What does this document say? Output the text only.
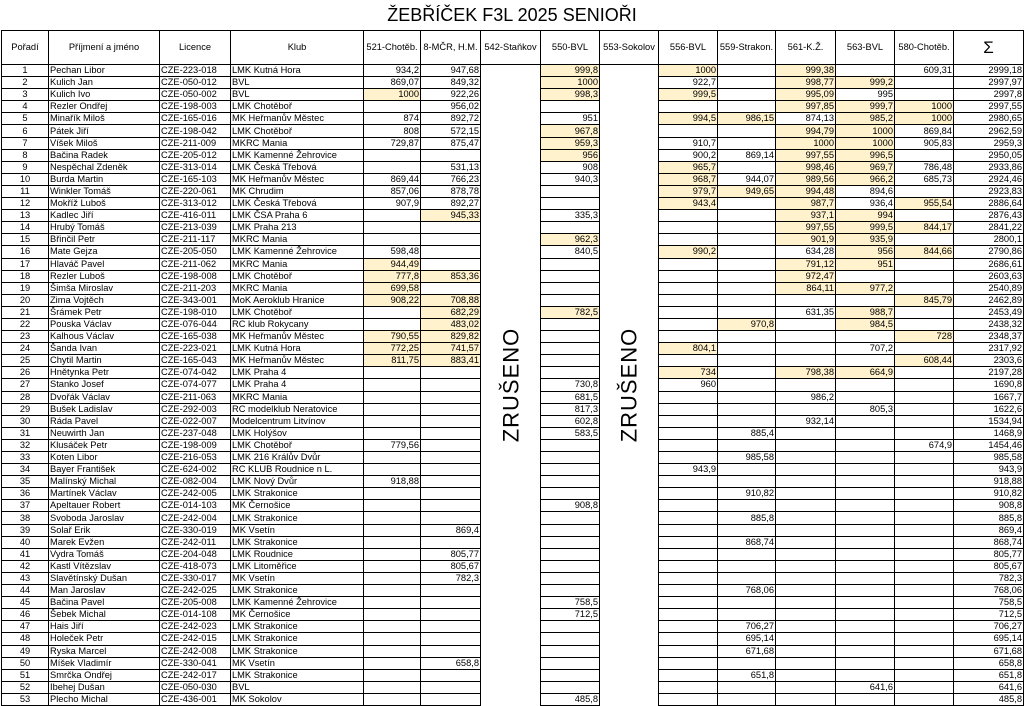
ŽEBŘÍČEK F3L 2025 SENIOŘI
Pořadí	Příjmení a jméno	Licence	Klub	521-Chotěb.	8-MČR, H.M.	542-Staňkov	550-BVL	553-Sokolov	556-BVL	559-Strakon.	561-K.Ž.	563-BVL	580-Chotěb.	Σ
1	Pechan Libor	CZE-223-018	LMK Kutná Hora	934,2	947,68	ZRUŠENO	999,8	ZRUŠENO	1000		999,38		609,31	2999,18
2	Kulich Jan	CZE-050-012	BVL	869,07	849,32		1000		922,7		998,77	999,2		2997,97
3	Kulich Ivo	CZE-050-002	BVL	1000	922,26		998,3		999,5		995,09	995		2997,8
4	Rezler Ondřej	CZE-198-003	LMK Chotěboř		956,02						997,85	999,7	1000	2997,55
5	Minařík Miloš	CZE-165-016	MK Heřmanův Městec	874	892,72		951		994,5	986,15	874,13	985,2	1000	2980,65
6	Pátek Jiří	CZE-198-042	LMK Chotěboř	808	572,15		967,8				994,79	1000	869,84	2962,59
7	Víšek Miloš	CZE-211-009	MKRC Mania	729,87	875,47		959,3		910,7		1000	1000	905,83	2959,3
8	Bačina Radek	CZE-205-012	LMK Kamenné Žehrovice				956		900,2	869,14	997,55	996,5		2950,05
9	Nespěchal Zdeněk	CZE-313-014	LMK Česká Třebová		531,13		908		965,7		998,46	969,7	786,48	2933,86
10	Burda Martin	CZE-165-103	MK Heřmanův Městec	869,44	766,23		940,3		968,7	944,07	989,56	966,2	685,73	2924,46
11	Winkler Tomáš	CZE-220-061	MK Chrudim	857,06	878,78				979,7	949,65	994,48	894,6		2923,83
12	Mokříž Luboš	CZE-313-012	LMK Česká Třebová	907,9	892,27				943,4		987,7	936,4	955,54	2886,64
13	Kadlec Jiří	CZE-416-011	LMK ČSA Praha 6		945,33		335,3				937,1	994		2876,43
14	Hrubý Tomáš	CZE-213-039	LMK Praha 213								997,55	999,5	844,17	2841,22
15	Břinčil Petr	CZE-211-117	MKRC Mania				962,3				901,9	935,9		2800,1
16	Mate Gejza	CZE-205-050	LMK Kamenné Žehrovice	598,48			840,5		990,2		634,28	956	844,66	2790,86
17	Hlaváč Pavel	CZE-211-062	MKRC Mania	944,49							791,12	951		2686,61
18	Rezler Luboš	CZE-198-008	LMK Chotěboř	777,8	853,36						972,47			2603,63
19	Šimša Miroslav	CZE-211-203	MKRC Mania	699,58							864,11	977,2		2540,89
20	Zima Vojtěch	CZE-343-001	MoK Aeroklub Hranice	908,22	708,88								845,79	2462,89
21	Šrámek Petr	CZE-198-010	LMK Chotěboř		682,29		782,5				631,35	988,7		2453,49
22	Pouska Václav	CZE-076-044	RC klub Rokycany		483,02					970,8		984,5		2438,32
23	Kalhous Václav	CZE-165-038	MK Heřmanův Městec	790,55	829,82								728	2348,37
24	Šanda Ivan	CZE-223-021	LMK Kutná Hora	772,25	741,57				804,1			707,2		2317,92
25	Chytil Martin	CZE-165-043	MK Heřmanův Městec	811,75	883,41								608,44	2303,6
26	Hnětynka Petr	CZE-074-042	LMK Praha 4						734		798,38	664,9		2197,28
27	Stanko Josef	CZE-074-077	LMK Praha 4				730,8		960					1690,8
28	Dvořák Václav	CZE-211-063	MKRC Mania				681,5				986,2			1667,7
29	Bušek Ladislav	CZE-292-003	RC modelklub Neratovice				817,3					805,3		1622,6
30	Ráda Pavel	CZE-022-007	Modelcentrum Litvínov				602,8				932,14			1534,94
31	Neuwirth Jan	CZE-237-048	LMK Holýšov				583,5			885,4				1468,9
32	Klusáček Petr	CZE-198-009	LMK Chotěboř	779,56									674,9	1454,46
33	Koten Libor	CZE-216-053	LMK 216 Králův Dvůr							985,58				985,58
34	Bayer František	CZE-624-002	RC KLUB Roudnice n L.						943,9					943,9
35	Malínský Michal	CZE-082-004	LMK Nový Dvůr	918,88										918,88
36	Martínek Václav	CZE-242-005	LMK Strakonice							910,82				910,82
37	Apeltauer Robert	CZE-014-103	MK Černošice				908,8							908,8
38	Svoboda Jaroslav	CZE-242-004	LMK Strakonice							885,8				885,8
39	Solař Erik	CZE-330-019	MK Vsetín		869,4									869,4
40	Marek Evžen	CZE-242-011	LMK Strakonice							868,74				868,74
41	Vydra Tomáš	CZE-204-048	LMK Roudnice		805,77									805,77
42	Kastl Vítězslav	CZE-418-073	LMK Litoměřice		805,67									805,67
43	Slavětínský Dušan	CZE-330-017	MK Vsetín		782,3									782,3
44	Man Jaroslav	CZE-242-025	LMK Strakonice							768,06				768,06
45	Bačina Pavel	CZE-205-008	LMK Kamenné Žehrovice				758,5							758,5
46	Šebek Michal	CZE-014-108	MK Černošice				712,5							712,5
47	Hais Jiří	CZE-242-023	LMK Strakonice							706,27				706,27
48	Holeček Petr	CZE-242-015	LMK Strakonice							695,14				695,14
49	Ryska Marcel	CZE-242-008	LMK Strakonice							671,68				671,68
50	Míšek Vladimír	CZE-330-041	MK Vsetín		658,8									658,8
51	Smrčka Ondřej	CZE-242-017	LMK Strakonice							651,8				651,8
52	Ibehej Dušan	CZE-050-030	BVL									641,6		641,6
53	Plecho Michal	CZE-436-001	MK Sokolov				485,8							485,8
